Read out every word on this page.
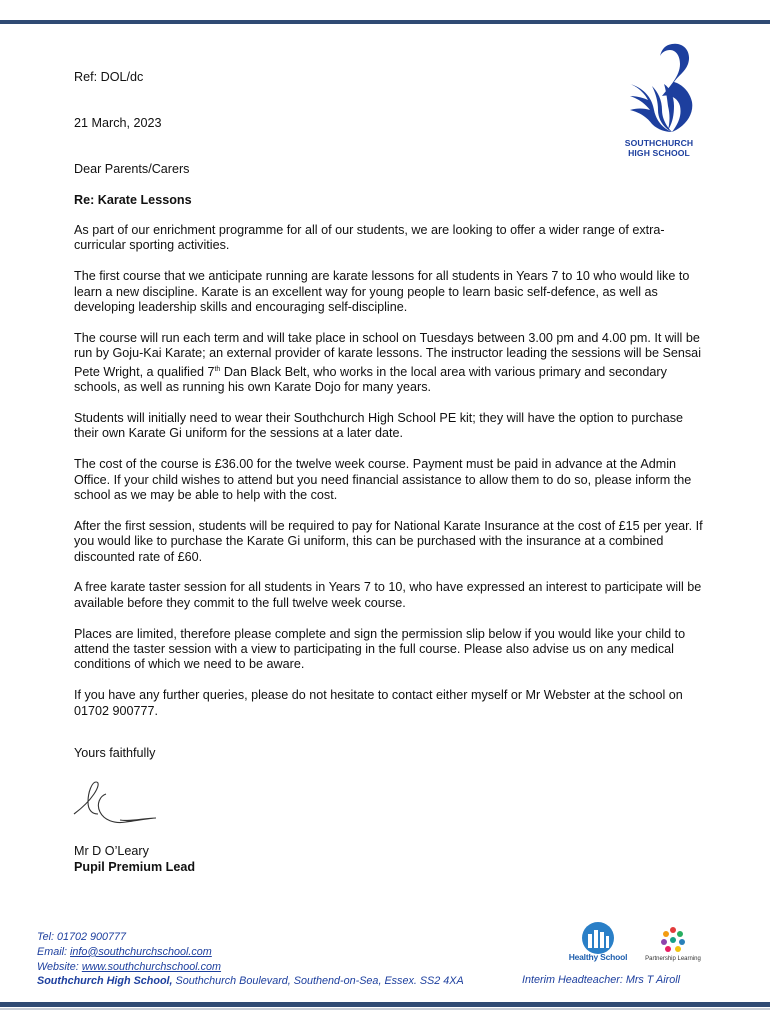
SOUTHCHURCH
HIGH SCHOOL

Ref: DOL/dc

21 March, 2023

Dear Parents/Carers

Re: Karate Lessons

As part of our enrichment programme for all of our students, we are looking to offer a wider range of extra-curricular sporting activities.

The first course that we anticipate running are karate lessons for all students in Years 7 to 10 who would like to learn a new discipline. Karate is an excellent way for young people to learn basic self-defence, as well as developing leadership skills and encouraging self-discipline.

The course will run each term and will take place in school on Tuesdays between 3.00 pm and 4.00 pm. It will be run by Goju-Kai Karate; an external provider of karate lessons. The instructor leading the sessions will be Sensai Pete Wright, a qualified 7th Dan Black Belt, who works in the local area with various primary and secondary schools, as well as running his own Karate Dojo for many years.

Students will initially need to wear their Southchurch High School PE kit; they will have the option to purchase their own Karate Gi uniform for the sessions at a later date.

The cost of the course is £36.00 for the twelve week course. Payment must be paid in advance at the Admin Office. If your child wishes to attend but you need financial assistance to allow them to do so, please inform the school as we may be able to help with the cost.

After the first session, students will be required to pay for National Karate Insurance at the cost of £15 per year. If you would like to purchase the Karate Gi uniform, this can be purchased with the insurance at a combined discounted rate of £60.

A free karate taster session for all students in Years 7 to 10, who have expressed an interest to participate will be available before they commit to the full twelve week course.

Places are limited, therefore please complete and sign the permission slip below if you would like your child to attend the taster session with a view to participating in the full course. Please also advise us on any medical conditions of which we need to be aware.

If you have any further queries, please do not hesitate to contact either myself or Mr Webster at the school on 01702 900777.

Yours faithfully

Mr D O’Leary
Pupil Premium Lead
Tel: 01702 900777
Email: info@southchurchschool.com
Website: www.southchurchschool.com
Southchurch High School, Southchurch Boulevard, Southend-on-Sea, Essex. SS2 4XA
Healthy School	Partnership Learning
Interim Headteacher: Mrs T Airoll
